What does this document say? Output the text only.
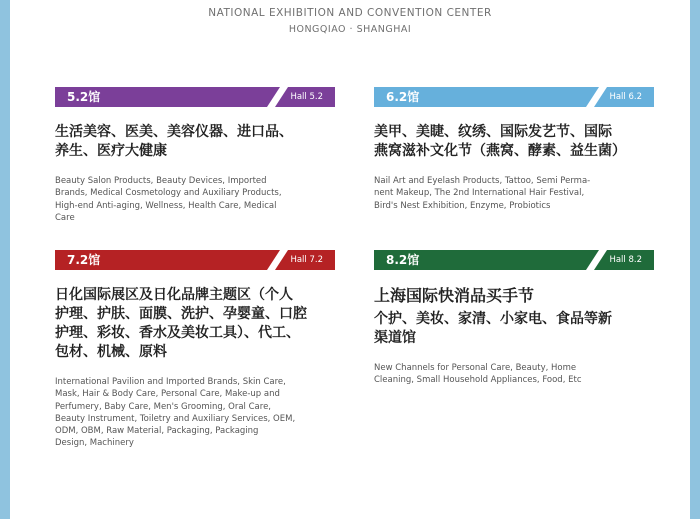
NATIONAL EXHIBITION AND CONVENTION CENTER
HONGQIAO · SHANGHAI
5.2馆	Hall 5.2
生活美容、医美、美容仪器、进口品、
养生、医疗大健康
Beauty Salon Products, Beauty Devices, Imported
Brands, Medical Cosmetology and Auxiliary Products,
High-end Anti-aging, Wellness, Health Care, Medical
Care
6.2馆	Hall 6.2
美甲、美睫、纹绣、国际发艺节、国际
燕窝滋补文化节（燕窝、酵素、益生菌）
Nail Art and Eyelash Products, Tattoo, Semi Perma-
nent Makeup, The 2nd International Hair Festival,
Bird's Nest Exhibition, Enzyme, Probiotics
7.2馆	Hall 7.2
日化国际展区及日化品牌主题区（个人
护理、护肤、面膜、洗护、孕婴童、口腔
护理、彩妆、香水及美妆工具）、代工、
包材、机械、原料
International Pavilion and Imported Brands, Skin Care,
Mask, Hair & Body Care, Personal Care, Make-up and
Perfumery, Baby Care, Men's Grooming, Oral Care,
Beauty Instrument, Toiletry and Auxiliary Services, OEM,
ODM, OBM, Raw Material, Packaging, Packaging
Design, Machinery
8.2馆	Hall 8.2
上海国际快消品买手节
个护、美妆、家清、小家电、食品等新
渠道馆
New Channels for Personal Care, Beauty, Home
Cleaning, Small Household Appliances, Food, Etc
